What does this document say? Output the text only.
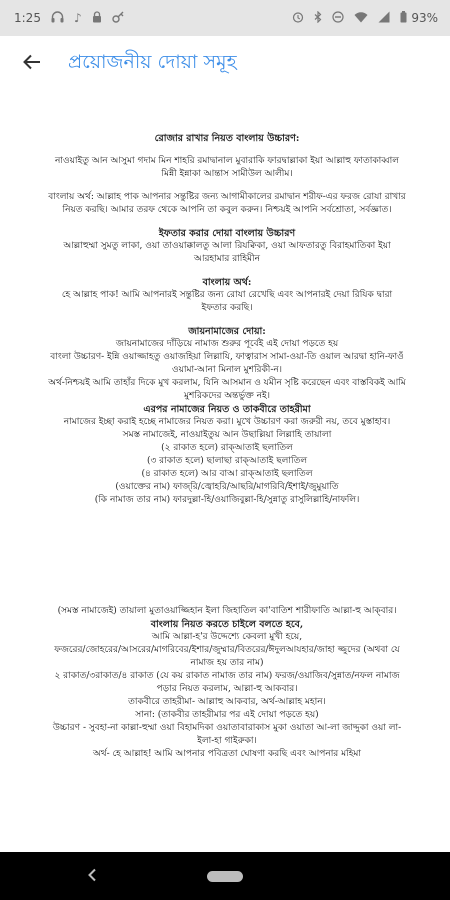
1:25	♪	93%
প্রয়োজনীয় দোয়া সমূহ

রোজার রাখার নিয়ত বাংলায় উচ্চারণ:

নাওয়াইতু আন আসুমা গদাম মিন শাহরি রমাদ্বানাল মুবারাকি ফারদ্বাল্লাকা ইয়া আল্লাহু ফাতাকাব্বাল মিন্নী ইন্নাকা আন্তাস সামীউল আলীম।

বাংলায় অর্থ: আল্লাহ পাক আপনার সন্তুষ্টির জন্য আগামীকালের রমাদ্বান শরীফ-এর ফরজ রোযা রাখার নিয়ত করছি। আমার তরফ থেকে আপনি তা কবুল করুন। নিশ্চয়ই আপনি সর্বশ্রোতা, সর্বজ্ঞাত।

ইফতার করার দোয়া বাংলায় উচ্চারণ

আল্লাহুম্মা সুমতু লাকা, ওয়া তাওয়াক্কালতু আলা রিযক্বিকা, ওয়া আফতারতু বিরাহমাতিকা ইয়া আরহামার রাহিমীন

বাংলায় অর্থ:

হে আল্লাহ পাক! আমি আপনারই সন্তুষ্টির জন্য রোযা রেখেছি এবং আপনারই দেয়া রিযিক দ্বারা ইফতার করছি।

জায়নামাজের দোয়া:

জায়নামাজের দাঁড়িয়ে নামাজ শুরুর পূর্বেই এই দোয়া পড়তে হয়

বাংলা উচ্চারণ- ইন্নি ওয়াজ্জাহতু ওয়াজহিয়া লিল্লাযি, ফাত্বারাস সামা-ওয়া-তি ওয়াল আরদ্বা হানি-ফাওঁ ওয়ামা-আনা মিনাল মুশরিকী-ন।

অর্থ-নিশ্চয়ই আমি তাহাঁর দিকে মুখ করলাম, যিনি আসমান ও যমীন সৃষ্টি করেছেন এবং বাস্তবিকই আমি মুশরিকদের অন্তর্ভুক্ত নই।

এরপর নামাজের নিয়ত ও তাকবীরে তাহরীমা

নামাজের ইচ্ছা করাই হচ্ছে নামাজের নিয়ত করা। মুখে উচ্চারণ করা জরুরী নয়, তবে মুস্তাহাব।

সমস্ত নামাজেই, নাওয়াইতুয় আন উছাল্লিয়া লিল্লাহি তায়ালা

(২ রাকাত হলে) রাক্‌আতাই ছলাতিল

(৩ রাকাত হলে) ছালাছা রাক্‌আতাই ছলাতিল

(৪ রাকাত হলে) আর বাআ রাক্‌আতাই ছলাতিল

(ওয়াক্তের নাম) ফাজ্‌রি/জ্বোহরি/আছরি/মাগরিবি/ইশাই/জুমুয়াতি

(কি নামাজ তার নাম) ফারদুল্লা-হি/ওয়াজিবুল্লা-হি/সুন্নাতু রাসুলিল্লাহি/নাফলি।

(সমস্ত নামাজেই) তায়ালা মুতাওয়াজ্জিহান ইলা জিহাতিল কা'বাতিশ শারীফাতি আল্লা-হু আক্‌বার।

বাংলায় নিয়ত করতে চাইলে বলতে হবে,

আমি আল্লা-হ'র উদ্দেশ্যে কেবলা মুখী হয়ে,

ফজরের/জোহরের/আসরের/মাগরিবের/ইশার/জুম্মার/বিতরের/ঈদুলআযহার/জাহা জ্জুদের (অথবা যে নামাজ হয় তার নাম)

২ রাকাত/৩রাকাত/৪ রাকাত (যে কয় রাকাত নামাজ তার নাম) ফরজ/ওয়াজিব/সুন্নাত/নফল নামাজ পড়ার নিয়ত করলাম, আল্লা-হু আকবার।

তাকবীরে তাহরীমা- আল্লাহু আকবার, অর্থ-আল্লাহ মহান।

সানা: (তাকবীর তাহরীমার পর এই দোয়া পড়তে হয়)

উচ্চারণ - সুবহা-না কাল্লা-হুম্মা ওয়া বিহামদিকা ওয়াতাবারাকাস মুকা ওয়াতা আ-লা জাদ্দুকা ওয়া লা-ইলা-হা গাইরুকা।

অর্থ- হে আল্লাহ! আমি আপনার পবিত্রতা ঘোষণা করছি এবং আপনার মহিমা
